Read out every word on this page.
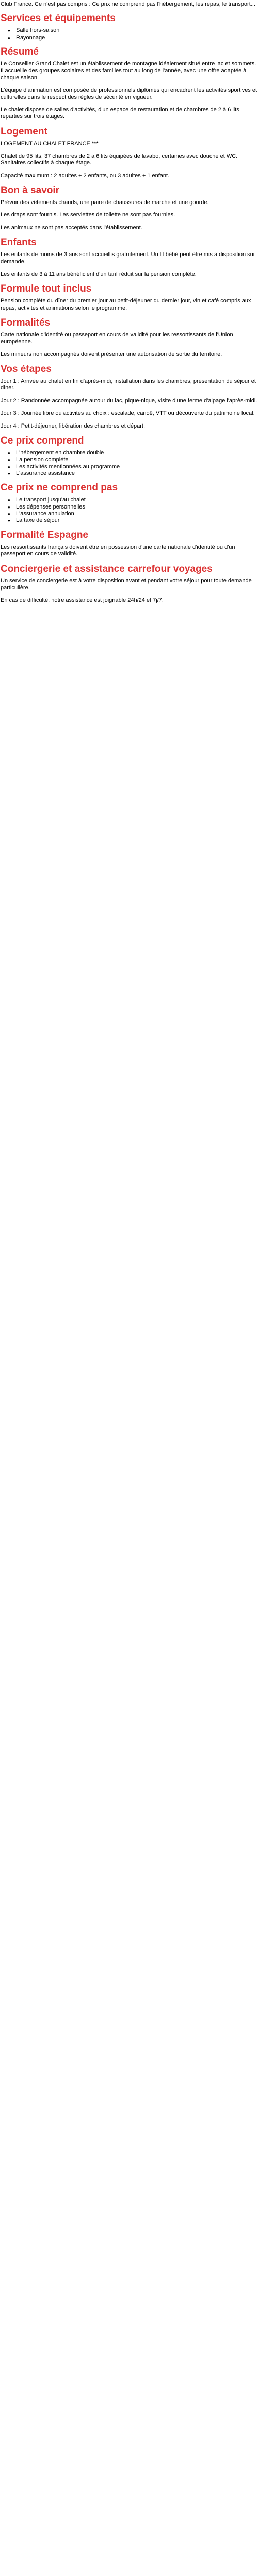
Club France. Ce n'est pas compris : Ce prix ne comprend pas l'hébergement, les repas, le transport...

Services et équipements
● Salle hors-saison
● Rayonnage
Résumé

Le Conseiller Grand Chalet est un établissement de montagne idéalement situé entre lac et sommets. Il accueille des groupes scolaires et des familles tout au long de l'année, avec une offre adaptée à chaque saison.

L'équipe d'animation est composée de professionnels diplômés qui encadrent les activités sportives et culturelles dans le respect des règles de sécurité en vigueur.

Le chalet dispose de salles d'activités, d'un espace de restauration et de chambres de 2 à 6 lits réparties sur trois étages.

Logement

LOGEMENT AU CHALET FRANCE ***

Chalet de 95 lits, 37 chambres de 2 à 6 lits équipées de lavabo, certaines avec douche et WC. Sanitaires collectifs à chaque étage.

Capacité maximum : 2 adultes + 2 enfants, ou 3 adultes + 1 enfant.

Bon à savoir

Prévoir des vêtements chauds, une paire de chaussures de marche et une gourde.

Les draps sont fournis. Les serviettes de toilette ne sont pas fournies.

Les animaux ne sont pas acceptés dans l'établissement.

Enfants

Les enfants de moins de 3 ans sont accueillis gratuitement. Un lit bébé peut être mis à disposition sur demande.

Les enfants de 3 à 11 ans bénéficient d'un tarif réduit sur la pension complète.

Formule tout inclus

Pension complète du dîner du premier jour au petit-déjeuner du dernier jour, vin et café compris aux repas, activités et animations selon le programme.

Formalités

Carte nationale d'identité ou passeport en cours de validité pour les ressortissants de l'Union européenne.

Les mineurs non accompagnés doivent présenter une autorisation de sortie du territoire.

Vos étapes

Jour 1 : Arrivée au chalet en fin d'après-midi, installation dans les chambres, présentation du séjour et dîner.

Jour 2 : Randonnée accompagnée autour du lac, pique-nique, visite d'une ferme d'alpage l'après-midi.

Jour 3 : Journée libre ou activités au choix : escalade, canoë, VTT ou découverte du patrimoine local.

Jour 4 : Petit-déjeuner, libération des chambres et départ.

Ce prix comprend
● L'hébergement en chambre double
● La pension complète
● Les activités mentionnées au programme
● L'assurance assistance
Ce prix ne comprend pas
● Le transport jusqu'au chalet
● Les dépenses personnelles
● L'assurance annulation
● La taxe de séjour
Formalité Espagne

Les ressortissants français doivent être en possession d'une carte nationale d'identité ou d'un passeport en cours de validité.

Conciergerie et assistance carrefour voyages

Un service de conciergerie est à votre disposition avant et pendant votre séjour pour toute demande particulière.

En cas de difficulté, notre assistance est joignable 24h/24 et 7j/7.
